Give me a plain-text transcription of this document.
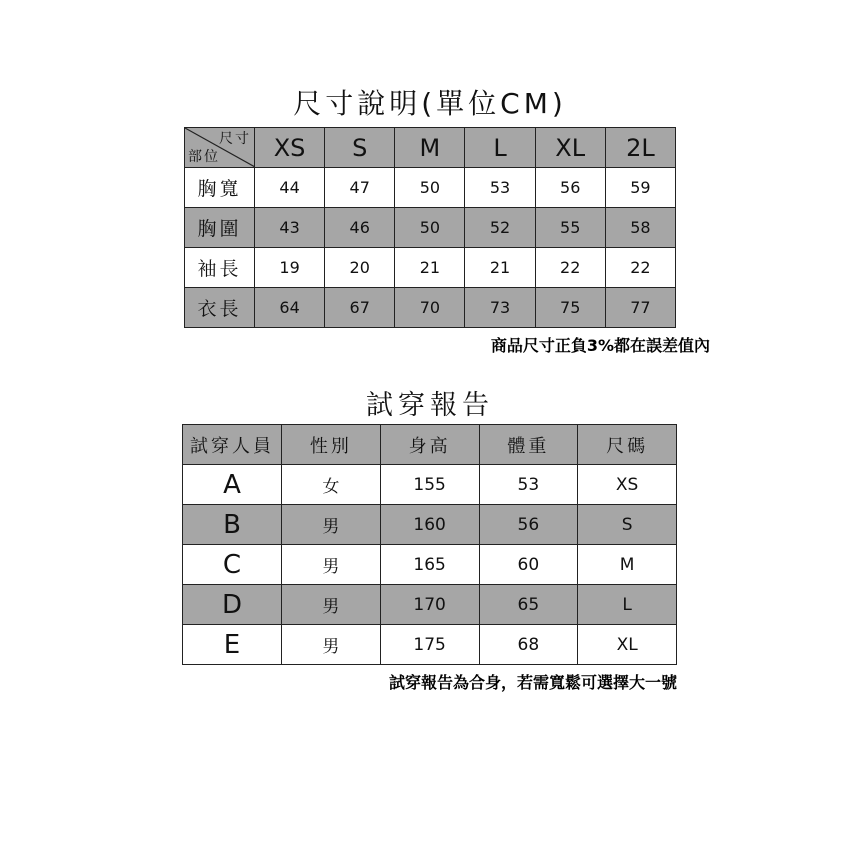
尺寸說明(單位CM)
尺寸
部位	XS	S	M	L	XL	2L
胸寬	44	47	50	53	56	59
胸圍	43	46	50	52	55	58
袖長	19	20	21	21	22	22
衣長	64	67	70	73	75	77
商品尺寸正負3%都在誤差值內
試穿報告
試穿人員	性別	身高	體重	尺碼
A	女	155	53	XS
B	男	160	56	S
C	男	165	60	M
D	男	170	65	L
E	男	175	68	XL
試穿報告為合身，若需寬鬆可選擇大一號
